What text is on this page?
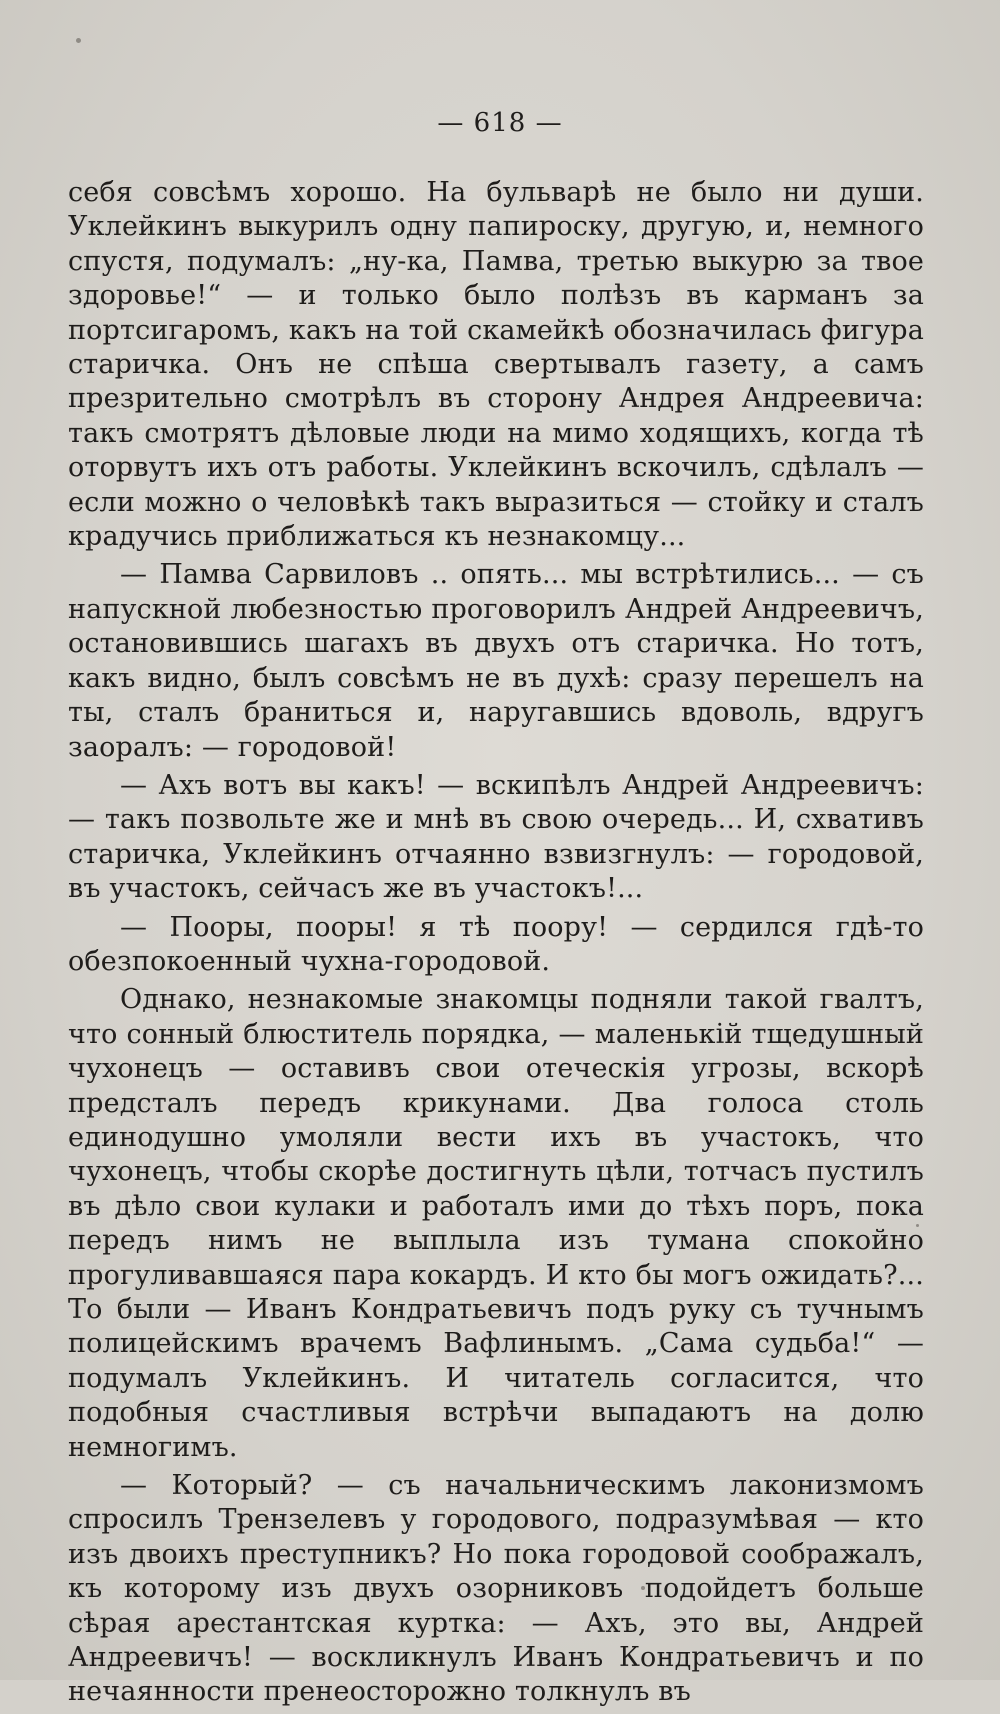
— 618 —

себя совсѣмъ хорошо. На бульварѣ не было ни души. Уклейкинъ выкурилъ одну папироску, другую, и, немного спустя, подумалъ: „ну-ка, Памва, третью выкурю за твое здоровье!“ — и только было полѣзъ въ карманъ за портсигаромъ, какъ на той скамейкѣ обозначилась фигура старичка. Онъ не спѣша свертывалъ газету, а самъ презрительно смотрѣлъ въ сторону Андрея Андреевича: такъ смотрятъ дѣловые люди на мимо ходящихъ, когда тѣ оторвутъ ихъ отъ работы. Уклейкинъ вскочилъ, сдѣлалъ — если можно о человѣкѣ такъ выразиться — стойку и сталъ крадучись приближаться къ незнакомцу...

— Памва Сарвиловъ .. опять... мы встрѣтились... — съ напускной любезностью проговорилъ Андрей Андреевичъ, остановившись шагахъ въ двухъ отъ старичка. Но тотъ, какъ видно, былъ совсѣмъ не въ духѣ: сразу перешелъ на ты, сталъ браниться и, наругавшись вдоволь, вдругъ заоралъ: — городовой!

— Ахъ вотъ вы какъ! — вскипѣлъ Андрей Андреевичъ: — такъ позвольте же и мнѣ въ свою очередь... И, схвативъ старичка, Уклейкинъ отчаянно взвизгнулъ: — городовой, въ участокъ, сейчасъ же въ участокъ!...

— Пооры, пооры! я тѣ поору! — сердился гдѣ-то обезпокоенный чухна-городовой.

Однако, незнакомые знакомцы подняли такой гвалтъ, что сонный блюститель порядка, — маленькій тщедушный чухонецъ — оставивъ свои отеческія угрозы, вскорѣ предсталъ передъ крикунами. Два голоса столь единодушно умоляли вести ихъ въ участокъ, что чухонецъ, чтобы скорѣе достигнуть цѣли, тотчасъ пустилъ въ дѣло свои кулаки и работалъ ими до тѣхъ поръ, пока передъ нимъ не выплыла изъ тумана спокойно прогуливавшаяся пара кокардъ. И кто бы могъ ожидать?... То были — Иванъ Кондратьевичъ подъ руку съ тучнымъ полицейскимъ врачемъ Вафлинымъ. „Сама судьба!“ — подумалъ Уклейкинъ. И читатель согласится, что подобныя счастливыя встрѣчи выпадаютъ на долю немногимъ.

— Который? — съ начальническимъ лаконизмомъ спросилъ Трензелевъ у городового, подразумѣвая — кто изъ двоихъ преступникъ? Но пока городовой соображалъ, къ которому изъ двухъ озорниковъ подойдетъ больше сѣрая арестантская куртка: — Ахъ, это вы, Андрей Андреевичъ! — воскликнулъ Иванъ Кондратьевичъ и по нечаянности пренеосторожно толкнулъ въ
